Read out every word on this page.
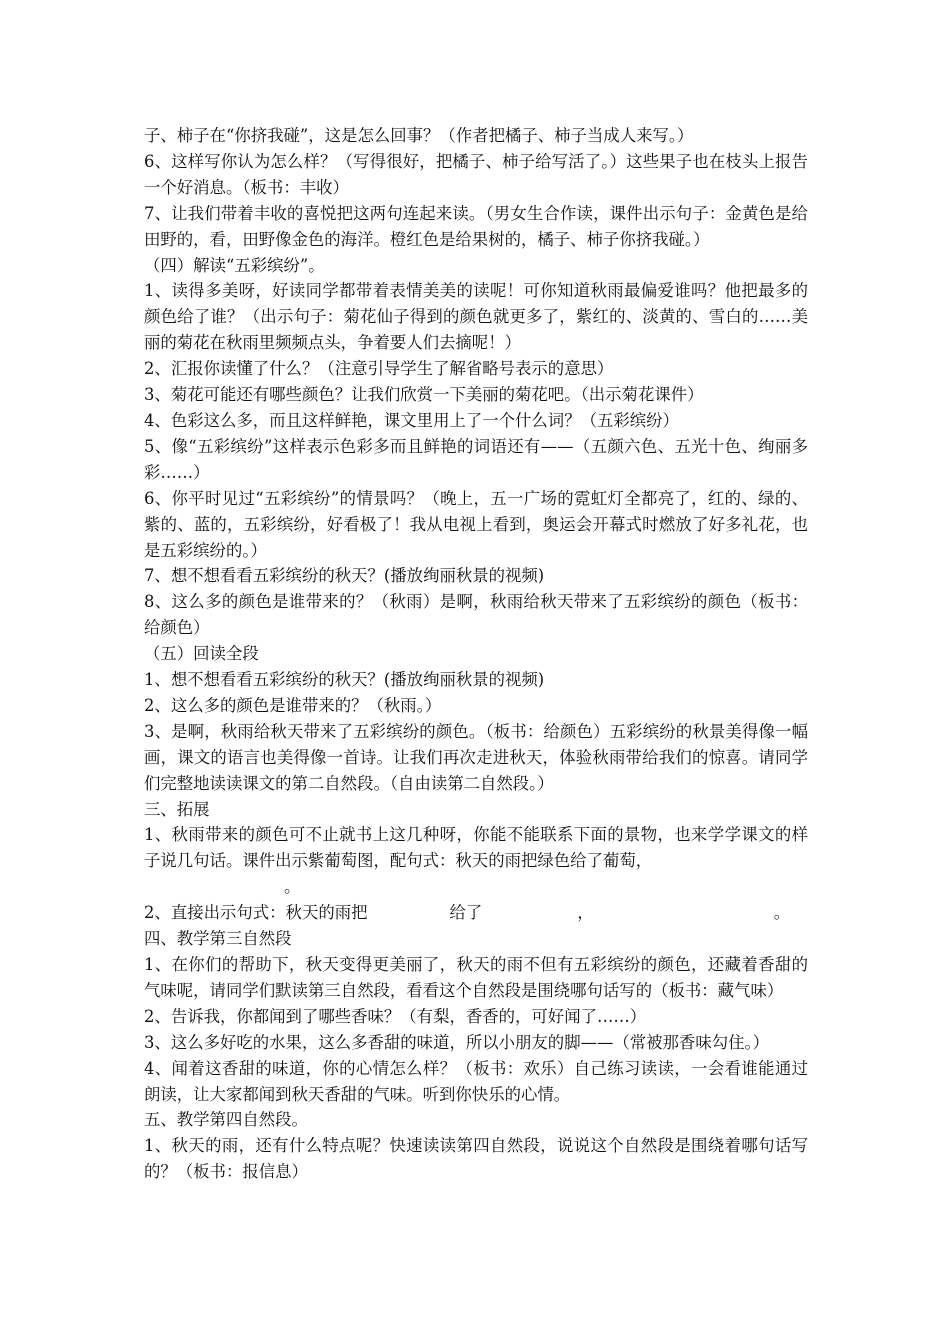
子、柿子在“你挤我碰”，这是怎么回事？（作者把橘子、柿子当成人来写。）

6、这样写你认为怎么样？（写得很好，把橘子、柿子给写活了。）这些果子也在枝头上报告一个好消息。（板书：丰收）

7、让我们带着丰收的喜悦把这两句连起来读。（男女生合作读，课件出示句子：金黄色是给田野的，看，田野像金色的海洋。橙红色是给果树的，橘子、柿子你挤我碰。）

（四）解读“五彩缤纷”。

1、读得多美呀，好读同学都带着表情美美的读呢！可你知道秋雨最偏爱谁吗？他把最多的颜色给了谁？（出示句子：菊花仙子得到的颜色就更多了，紫红的、淡黄的、雪白的……美丽的菊花在秋雨里频频点头，争着要人们去摘呢！）

2、汇报你读懂了什么？（注意引导学生了解省略号表示的意思）

3、菊花可能还有哪些颜色？让我们欣赏一下美丽的菊花吧。（出示菊花课件）

4、色彩这么多，而且这样鲜艳，课文里用上了一个什么词？（五彩缤纷）

5、像“五彩缤纷”这样表示色彩多而且鲜艳的词语还有——（五颜六色、五光十色、绚丽多彩……）

6、你平时见过“五彩缤纷”的情景吗？（晚上，五一广场的霓虹灯全都亮了，红的、绿的、紫的、蓝的，五彩缤纷，好看极了！我从电视上看到，奥运会开幕式时燃放了好多礼花，也是五彩缤纷的。）

7、想不想看看五彩缤纷的秋天？(播放绚丽秋景的视频)

8、这么多的颜色是谁带来的？（秋雨）是啊，秋雨给秋天带来了五彩缤纷的颜色（板书：给颜色）

（五）回读全段

1、想不想看看五彩缤纷的秋天？(播放绚丽秋景的视频)

2、这么多的颜色是谁带来的？（秋雨。）

3、是啊，秋雨给秋天带来了五彩缤纷的颜色。（板书：给颜色）五彩缤纷的秋景美得像一幅画，课文的语言也美得像一首诗。让我们再次走进秋天，体验秋雨带给我们的惊喜。请同学们完整地读读课文的第二自然段。（自由读第二自然段。）

三、拓展

1、秋雨带来的颜色可不止就书上这几种呀，你能不能联系下面的景物，也来学学课文的样子说几句话。课件出示紫葡萄图，配句式：秋天的雨把绿色给了葡萄，

。

2、直接出示句式：秋天的雨把	给了	，	。

四、教学第三自然段

1、在你们的帮助下，秋天变得更美丽了，秋天的雨不但有五彩缤纷的颜色，还藏着香甜的气味呢，请同学们默读第三自然段，看看这个自然段是围绕哪句话写的（板书：藏气味）

2、告诉我，你都闻到了哪些香味？（有梨，香香的，可好闻了……）

3、这么多好吃的水果，这么多香甜的味道，所以小朋友的脚——（常被那香味勾住。）

4、闻着这香甜的味道，你的心情怎么样？（板书：欢乐）自己练习读读，一会看谁能通过朗读，让大家都闻到秋天香甜的气味。听到你快乐的心情。

五、教学第四自然段。

1、秋天的雨，还有什么特点呢？快速读读第四自然段，说说这个自然段是围绕着哪句话写的？（板书：报信息）
